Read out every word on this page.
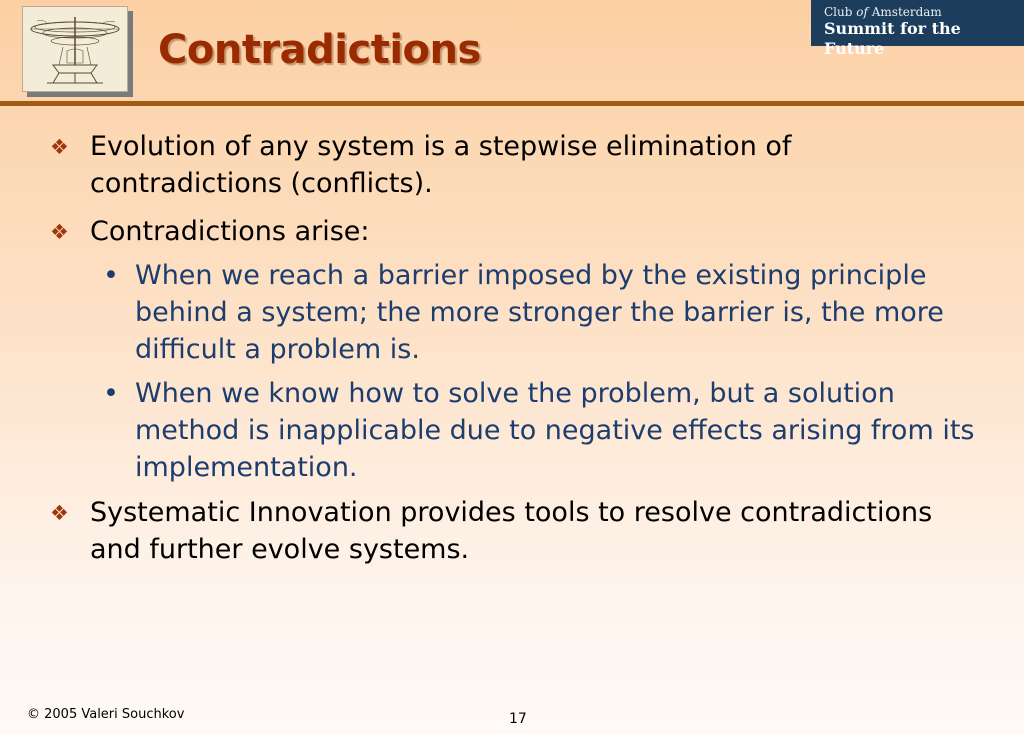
Contradictions
Club of Amsterdam
Summit for the Future
❖ Evolution of any system is a stepwise elimination of contradictions (conflicts).
❖ Contradictions arise:
• When we reach a barrier imposed by the existing principle behind a system; the more stronger the barrier is, the more difficult a problem is.
• When we know how to solve the problem, but a solution method is inapplicable due to negative effects arising from its implementation.
❖ Systematic Innovation provides tools to resolve contradictions and further evolve systems.
© 2005 Valeri Souchkov	17
